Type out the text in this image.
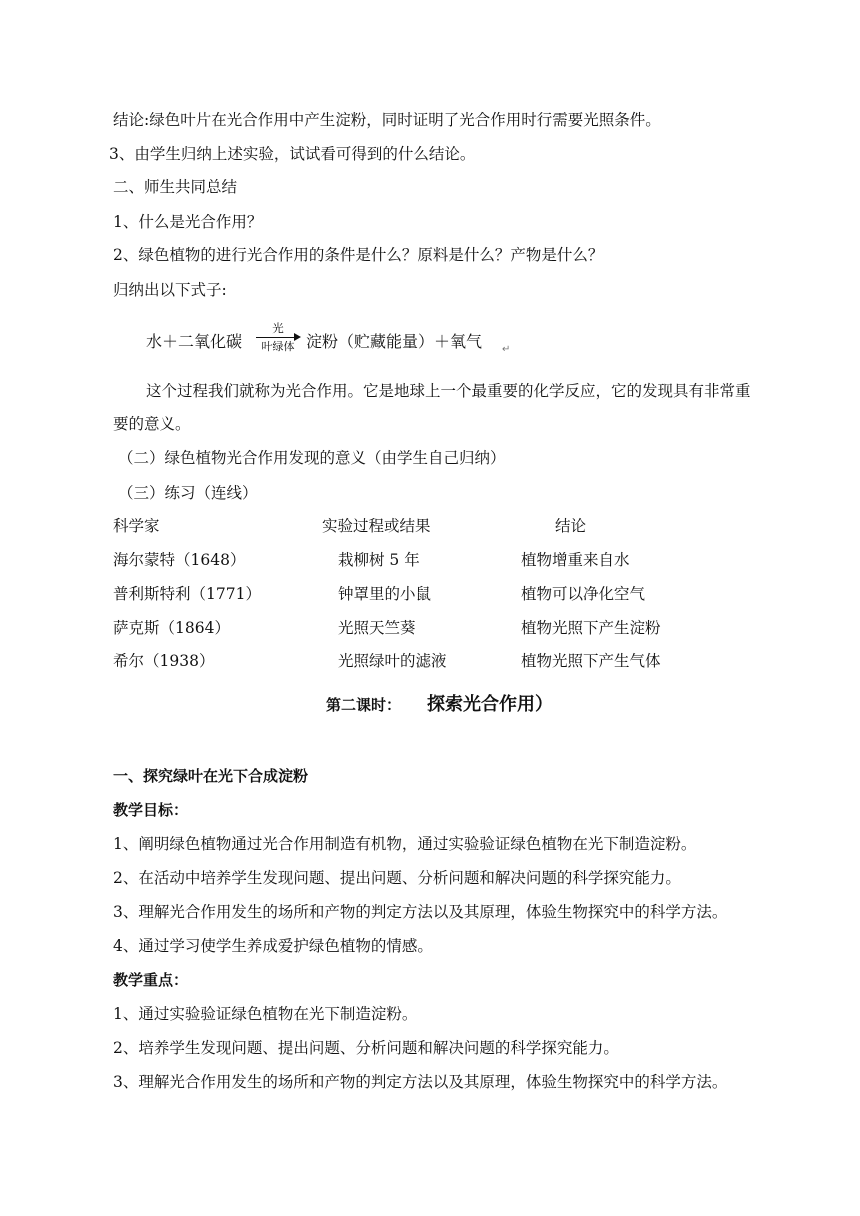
结论:绿色叶片在光合作用中产生淀粉，同时证明了光合作用时行需要光照条件。
3、由学生归纳上述实验，试试看可得到的什么结论。
二、师生共同总结
1、什么是光合作用？
2、绿色植物的进行光合作用的条件是什么？原料是什么？产物是什么？
归纳出以下式子:
水＋二氧化碳
光
叶绿体 淀粉（贮藏能量）＋氧气 ↵
这个过程我们就称为光合作用。它是地球上一个最重要的化学反应，它的发现具有非常重
要的意义。
（二）绿色植物光合作用发现的意义（由学生自己归纳）
（三）练习（连线）
科学家	实验过程或结果	结论
海尔蒙特（1648）	栽柳树 5 年	植物增重来自水
普利斯特利（1771）	钟罩里的小鼠	植物可以净化空气
萨克斯（1864）	光照天竺葵	植物光照下产生淀粉
希尔（1938）	光照绿叶的滤液	植物光照下产生气体
第二课时： 探索光合作用）
一、探究绿叶在光下合成淀粉
教学目标：
1、阐明绿色植物通过光合作用制造有机物，通过实验验证绿色植物在光下制造淀粉。
2、在活动中培养学生发现问题、提出问题、分析问题和解决问题的科学探究能力。
3、理解光合作用发生的场所和产物的判定方法以及其原理，体验生物探究中的科学方法。
4、通过学习使学生养成爱护绿色植物的情感。
教学重点：
1、通过实验验证绿色植物在光下制造淀粉。
2、培养学生发现问题、提出问题、分析问题和解决问题的科学探究能力。
3、理解光合作用发生的场所和产物的判定方法以及其原理，体验生物探究中的科学方法。
